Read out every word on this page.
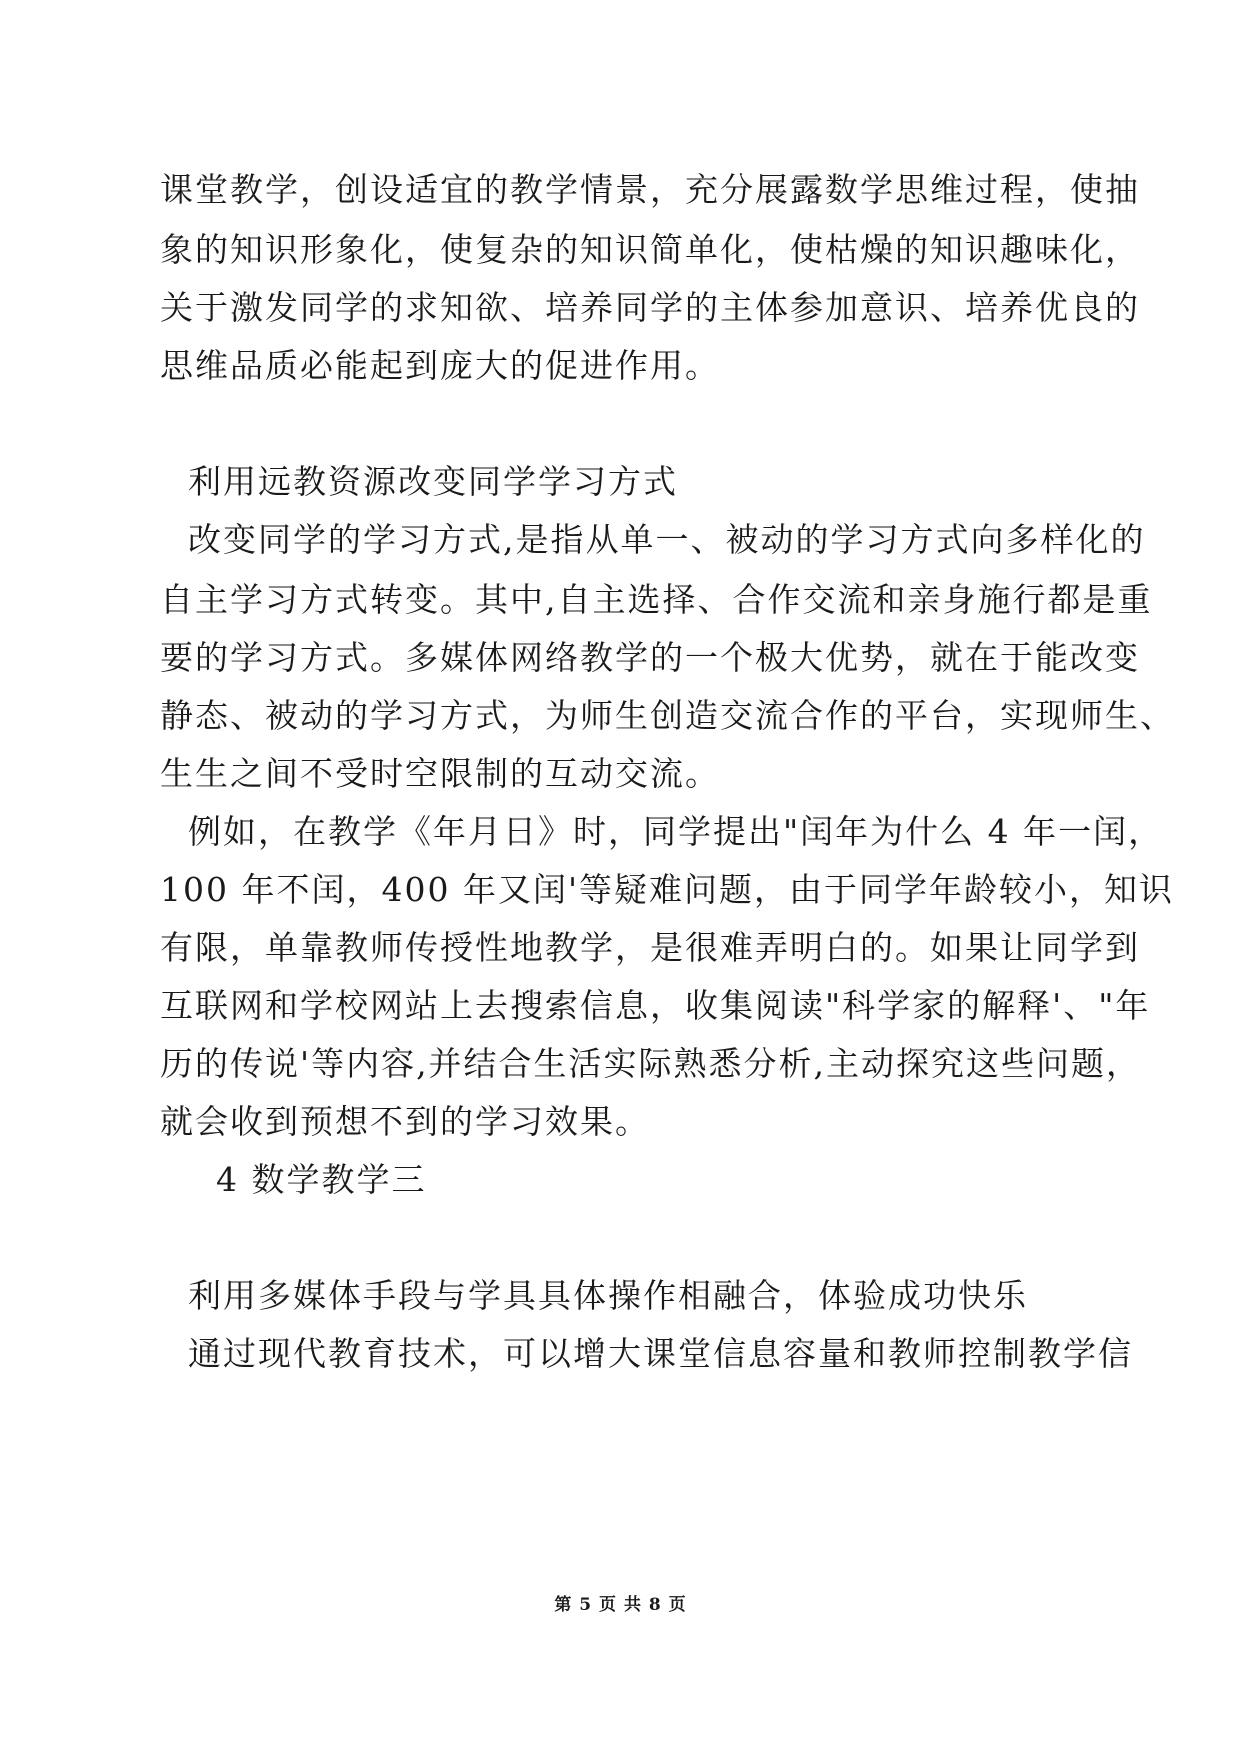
课堂教学，创设适宜的教学情景，充分展露数学思维过程，使抽
象的知识形象化，使复杂的知识简单化，使枯燥的知识趣味化，
关于激发同学的求知欲、培养同学的主体参加意识、培养优良的
思维品质必能起到庞大的促进作用。
利用远教资源改变同学学习方式
改变同学的学习方式,是指从单一、被动的学习方式向多样化的
自主学习方式转变。其中,自主选择、合作交流和亲身施行都是重
要的学习方式。多媒体网络教学的一个极大优势，就在于能改变
静态、被动的学习方式，为师生创造交流合作的平台，实现师生、
生生之间不受时空限制的互动交流。
例如，在教学《年月日》时，同学提出"闰年为什么 4 年一闰，
100 年不闰，400 年又闰'等疑难问题，由于同学年龄较小，知识
有限，单靠教师传授性地教学，是很难弄明白的。如果让同学到
互联网和学校网站上去搜索信息，收集阅读"科学家的解释'、"年
历的传说'等内容,并结合生活实际熟悉分析,主动探究这些问题，
就会收到预想不到的学习效果。
4 数学教学三
利用多媒体手段与学具具体操作相融合，体验成功快乐
通过现代教育技术，可以增大课堂信息容量和教师控制教学信
第 5 页 共 8 页
